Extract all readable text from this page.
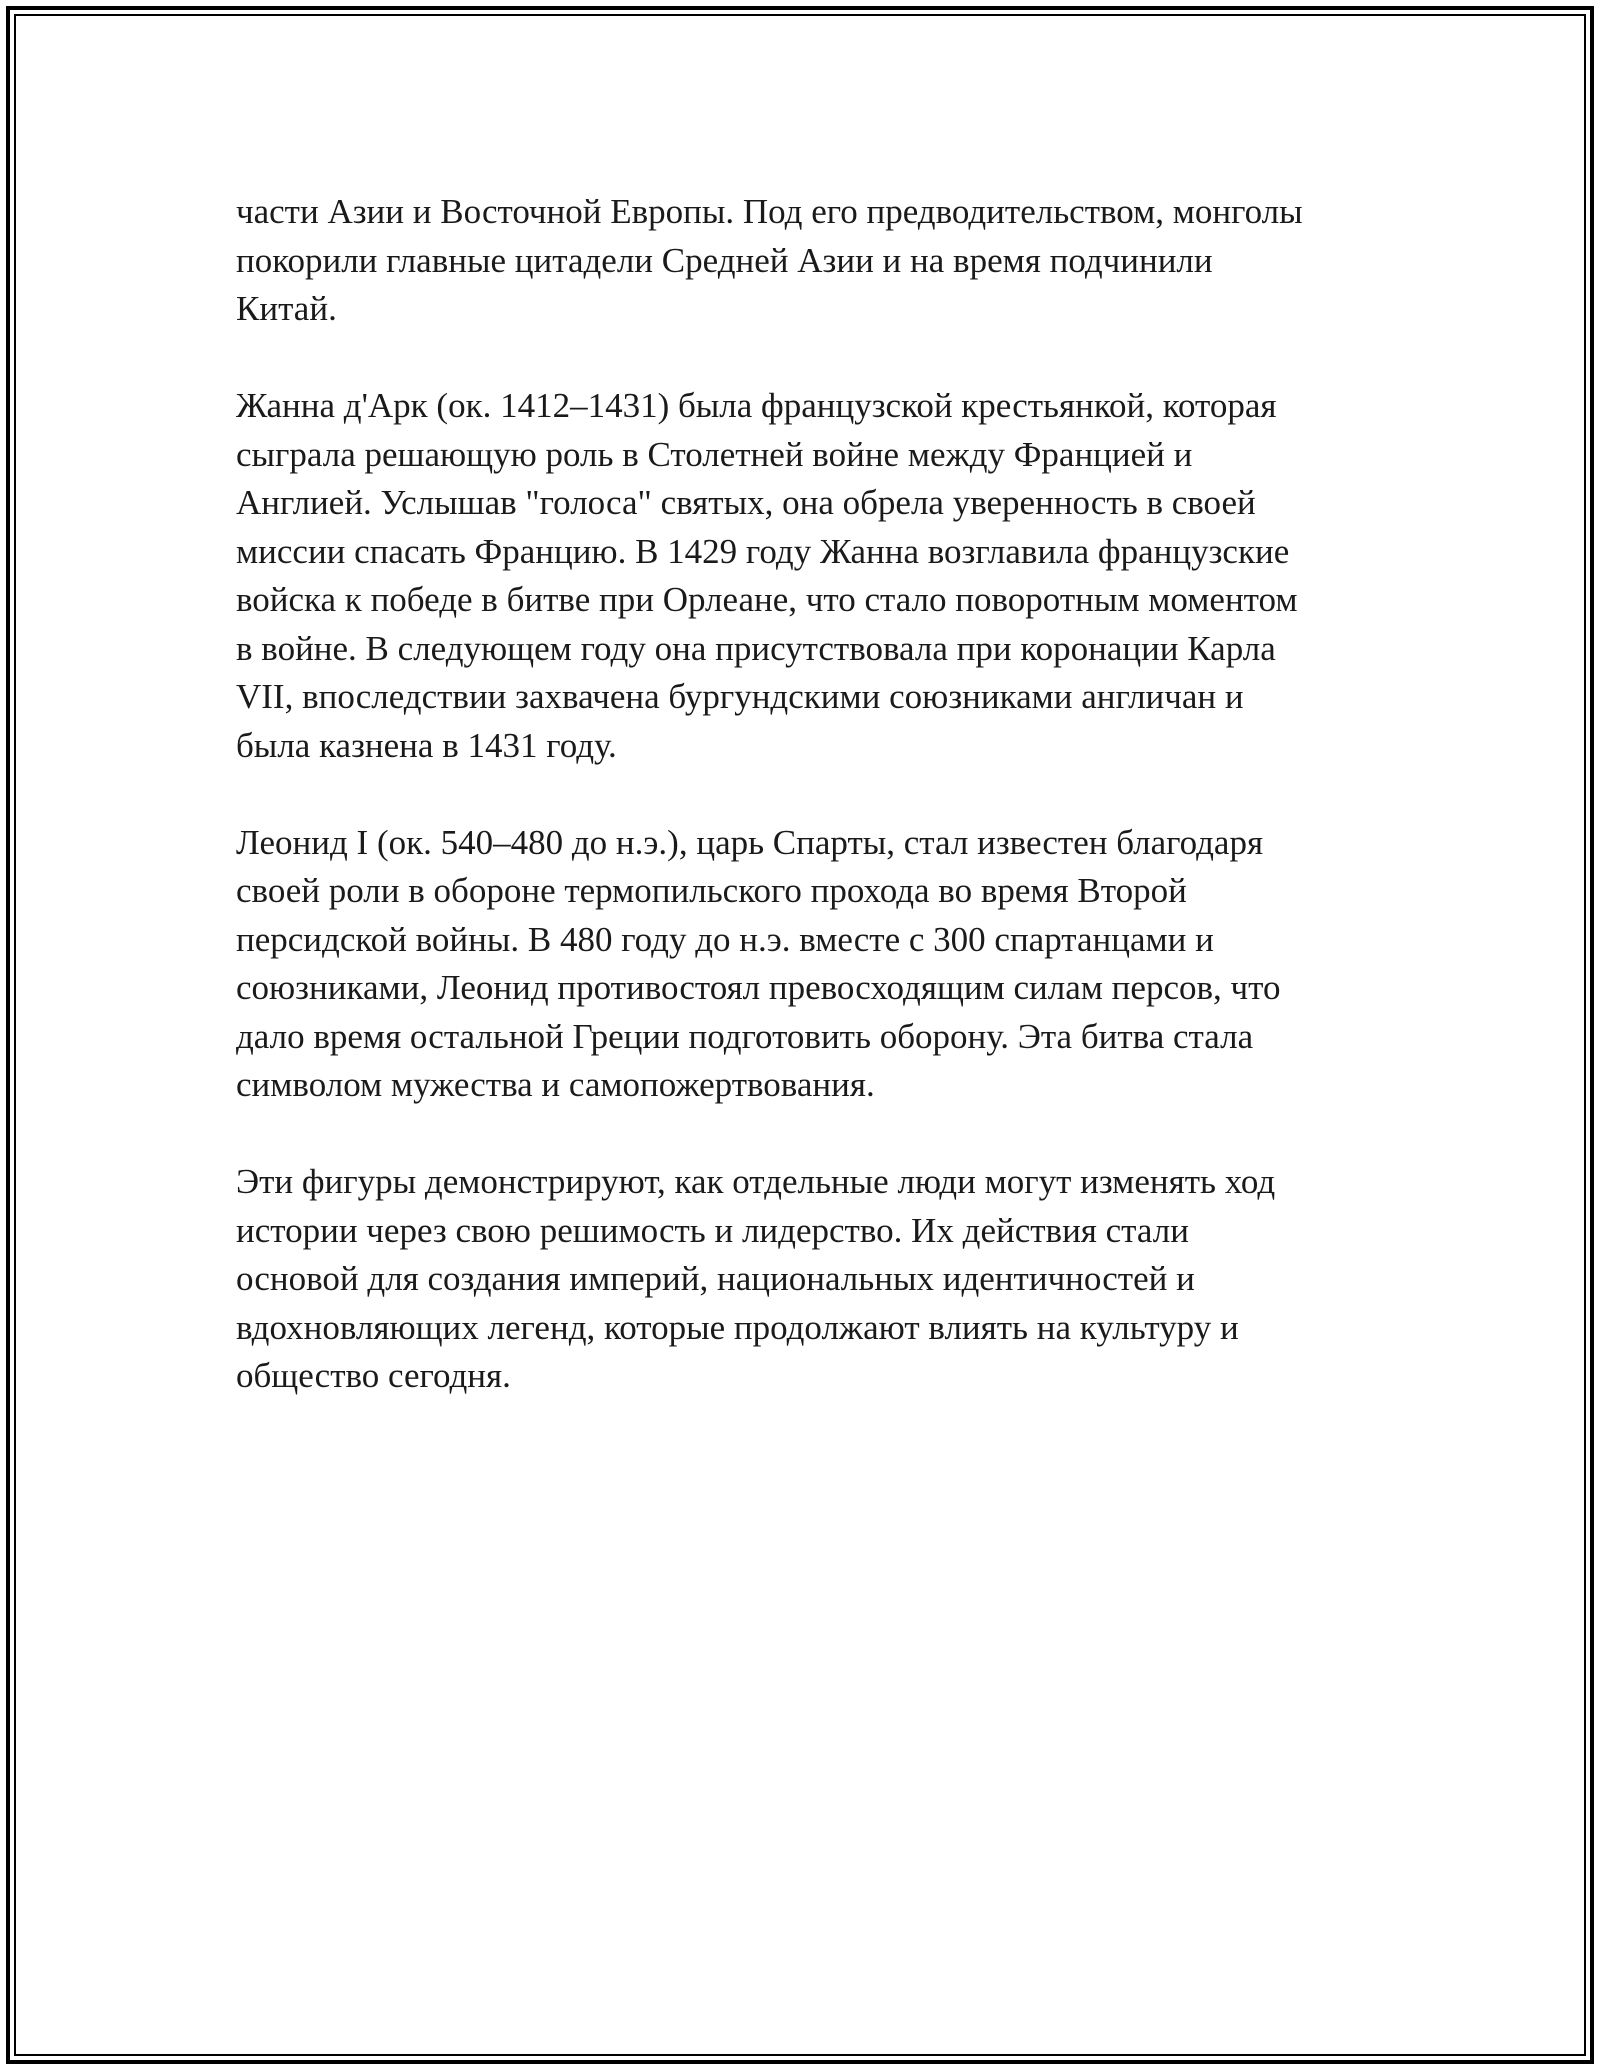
части Азии и Восточной Европы. Под его предводительством, монголы
покорили главные цитадели Средней Азии и на время подчинили
Китай.

Жанна д'Арк (ок. 1412–1431) была французской крестьянкой, которая
сыграла решающую роль в Столетней войне между Францией и
Англией. Услышав "голоса" святых, она обрела уверенность в своей
миссии спасать Францию. В 1429 году Жанна возглавила французские
войска к победе в битве при Орлеане, что стало поворотным моментом
в войне. В следующем году она присутствовала при коронации Карла
VII, впоследствии захвачена бургундскими союзниками англичан и
была казнена в 1431 году.

Леонид I (ок. 540–480 до н.э.), царь Спарты, стал известен благодаря
своей роли в обороне термопильского прохода во время Второй
персидской войны. В 480 году до н.э. вместе с 300 спартанцами и
союзниками, Леонид противостоял превосходящим силам персов, что
дало время остальной Греции подготовить оборону. Эта битва стала
символом мужества и самопожертвования.

Эти фигуры демонстрируют, как отдельные люди могут изменять ход
истории через свою решимость и лидерство. Их действия стали
основой для создания империй, национальных идентичностей и
вдохновляющих легенд, которые продолжают влиять на культуру и
общество сегодня.
